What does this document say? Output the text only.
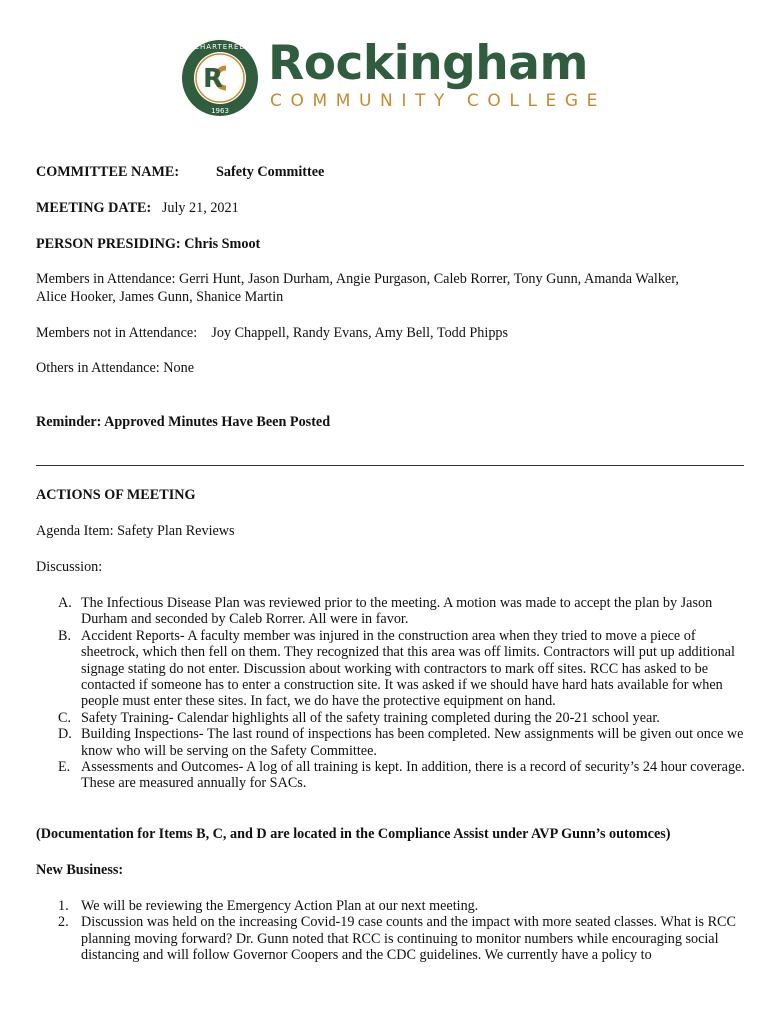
R
CHARTERED
1963
Rockingham
COMMUNITY COLLEGE
COMMITTEE NAME:	Safety Committee
MEETING DATE: July 21, 2021
PERSON PRESIDING: Chris Smoot
Members in Attendance: Gerri Hunt, Jason Durham, Angie Purgason, Caleb Rorrer, Tony Gunn, Amanda Walker,
Alice Hooker, James Gunn, Shanice Martin
Members not in Attendance: Joy Chappell, Randy Evans, Amy Bell, Todd Phipps
Others in Attendance: None
Reminder: Approved Minutes Have Been Posted
ACTIONS OF MEETING
Agenda Item: Safety Plan Reviews
Discussion:
A. The Infectious Disease Plan was reviewed prior to the meeting. A motion was made to accept the plan by Jason Durham and seconded by Caleb Rorrer. All were in favor.
B. Accident Reports- A faculty member was injured in the construction area when they tried to move a piece of sheetrock, which then fell on them. They recognized that this area was off limits. Contractors will put up additional signage stating do not enter. Discussion about working with contractors to mark off sites. RCC has asked to be contacted if someone has to enter a construction site. It was asked if we should have hard hats available for when people must enter these sites. In fact, we do have the protective equipment on hand.
C. Safety Training- Calendar highlights all of the safety training completed during the 20-21 school year.
D. Building Inspections- The last round of inspections has been completed. New assignments will be given out once we know who will be serving on the Safety Committee.
E. Assessments and Outcomes- A log of all training is kept. In addition, there is a record of security’s 24 hour coverage. These are measured annually for SACs.
(Documentation for Items B, C, and D are located in the Compliance Assist under AVP Gunn’s outomces)
New Business:
1. We will be reviewing the Emergency Action Plan at our next meeting.
2. Discussion was held on the increasing Covid-19 case counts and the impact with more seated classes. What is RCC planning moving forward? Dr. Gunn noted that RCC is continuing to monitor numbers while encouraging social distancing and will follow Governor Coopers and the CDC guidelines. We currently have a policy to
